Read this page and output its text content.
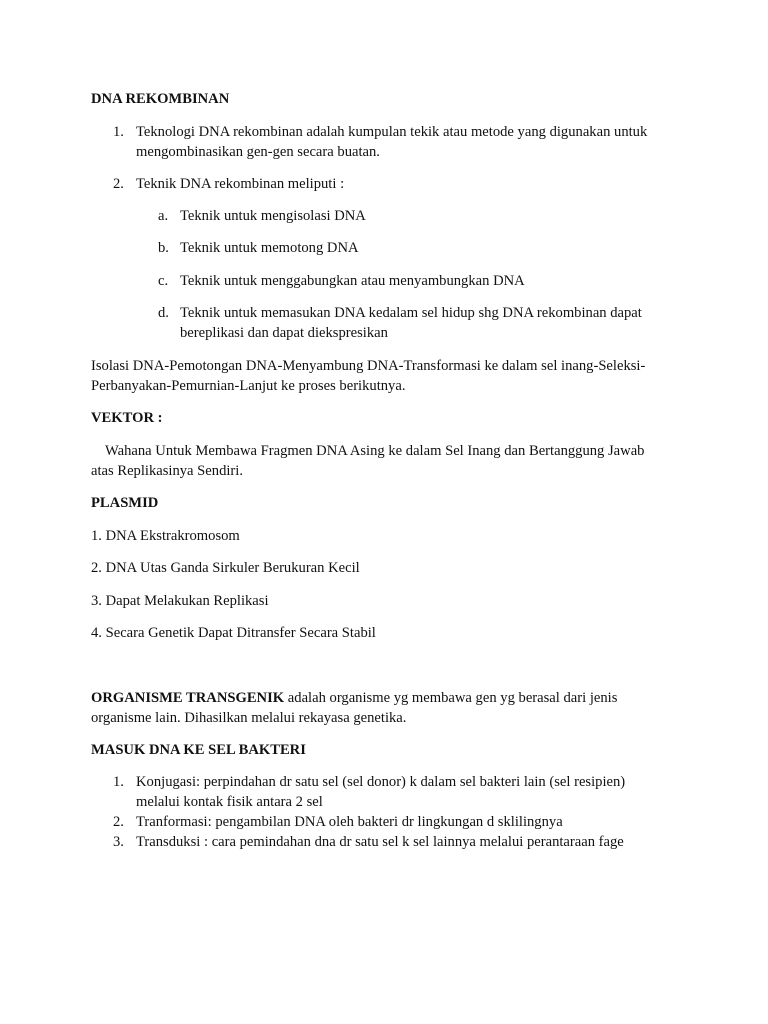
DNA REKOMBINAN
1. Teknologi DNA rekombinan adalah kumpulan tekik atau metode yang digunakan untuk
mengombinasikan gen-gen secara buatan.
2. Teknik DNA rekombinan meliputi :
a. Teknik untuk mengisolasi DNA
b. Teknik untuk memotong DNA
c. Teknik untuk menggabungkan atau menyambungkan DNA
d. Teknik untuk memasukan DNA kedalam sel hidup shg DNA rekombinan dapat
bereplikasi dan dapat diekspresikan
Isolasi DNA-Pemotongan DNA-Menyambung DNA-Transformasi ke dalam sel inang-Seleksi-
Perbanyakan-Pemurnian-Lanjut ke proses berikutnya.
VEKTOR :
Wahana Untuk Membawa Fragmen DNA Asing ke dalam Sel Inang dan Bertanggung Jawab
atas Replikasinya Sendiri.
PLASMID
1. DNA Ekstrakromosom
2. DNA Utas Ganda Sirkuler Berukuran Kecil
3. Dapat Melakukan Replikasi
4. Secara Genetik Dapat Ditransfer Secara Stabil
ORGANISME TRANSGENIK adalah organisme yg membawa gen yg berasal dari jenis
organisme lain. Dihasilkan melalui rekayasa genetika.
MASUK DNA KE SEL BAKTERI
1. Konjugasi: perpindahan dr satu sel (sel donor) k dalam sel bakteri lain (sel resipien)
melalui kontak fisik antara 2 sel
2. Tranformasi: pengambilan DNA oleh bakteri dr lingkungan d sklilingnya
3. Transduksi : cara pemindahan dna dr satu sel k sel lainnya melalui perantaraan fage
